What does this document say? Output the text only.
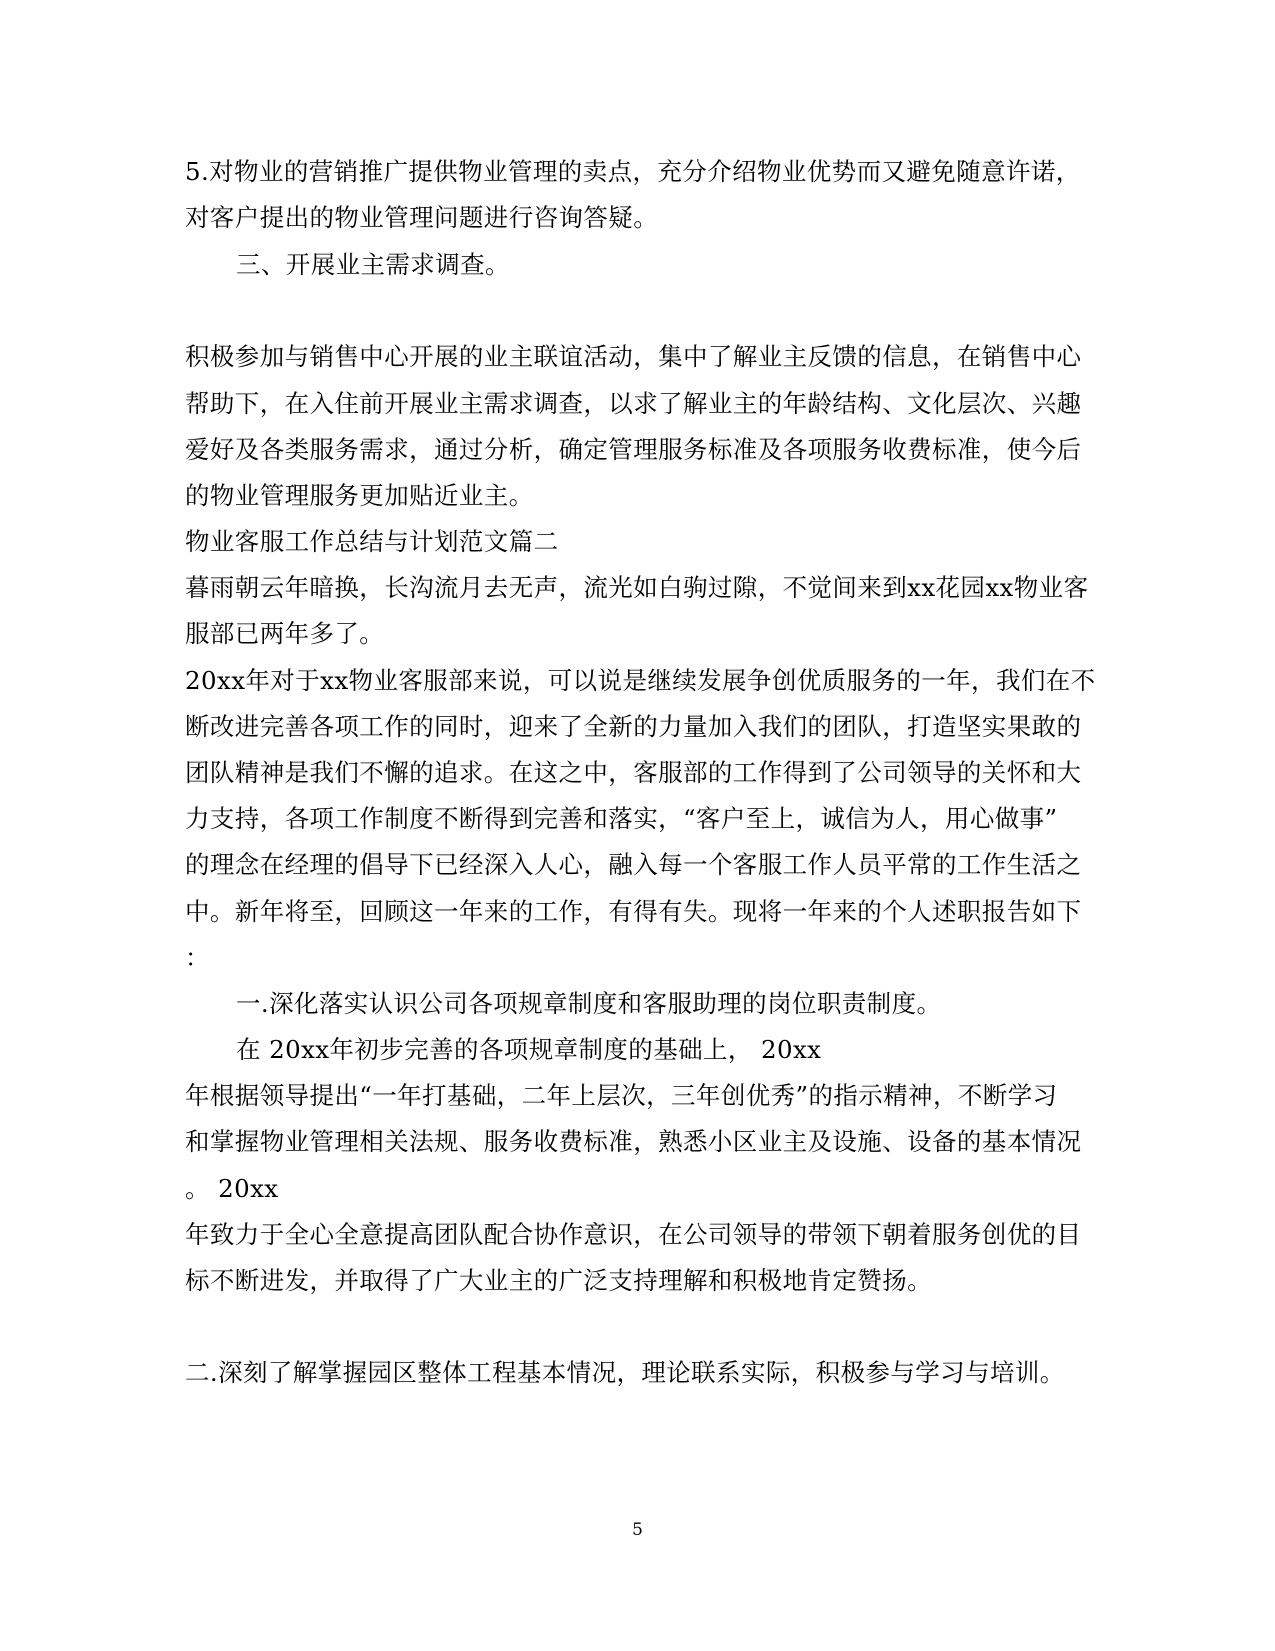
5.对物业的营销推广提供物业管理的卖点，充分介绍物业优势而又避免随意许诺，
对客户提出的物业管理问题进行咨询答疑。
三、开展业主需求调查。
积极参加与销售中心开展的业主联谊活动，集中了解业主反馈的信息，在销售中心
帮助下，在入住前开展业主需求调查，以求了解业主的年龄结构、文化层次、兴趣
爱好及各类服务需求，通过分析，确定管理服务标准及各项服务收费标准，使今后
的物业管理服务更加贴近业主。
物业客服工作总结与计划范文篇二
暮雨朝云年暗换，长沟流月去无声，流光如白驹过隙，不觉间来到xx花园xx物业客
服部已两年多了。
20xx年对于xx物业客服部来说，可以说是继续发展争创优质服务的一年，我们在不
断改进完善各项工作的同时，迎来了全新的力量加入我们的团队，打造坚实果敢的
团队精神是我们不懈的追求。在这之中，客服部的工作得到了公司领导的关怀和大
力支持，各项工作制度不断得到完善和落实，“客户至上，诚信为人，用心做事”
的理念在经理的倡导下已经深入人心，融入每一个客服工作人员平常的工作生活之
中。新年将至，回顾这一年来的工作，有得有失。现将一年来的个人述职报告如下
：
一.深化落实认识公司各项规章制度和客服助理的岗位职责制度。
在 20xx年初步完善的各项规章制度的基础上， 20xx
年根据领导提出“一年打基础，二年上层次，三年创优秀”的指示精神，不断学习
和掌握物业管理相关法规、服务收费标准，熟悉小区业主及设施、设备的基本情况
。 20xx
年致力于全心全意提高团队配合协作意识，在公司领导的带领下朝着服务创优的目
标不断进发，并取得了广大业主的广泛支持理解和积极地肯定赞扬。
二.深刻了解掌握园区整体工程基本情况，理论联系实际，积极参与学习与培训。
5
